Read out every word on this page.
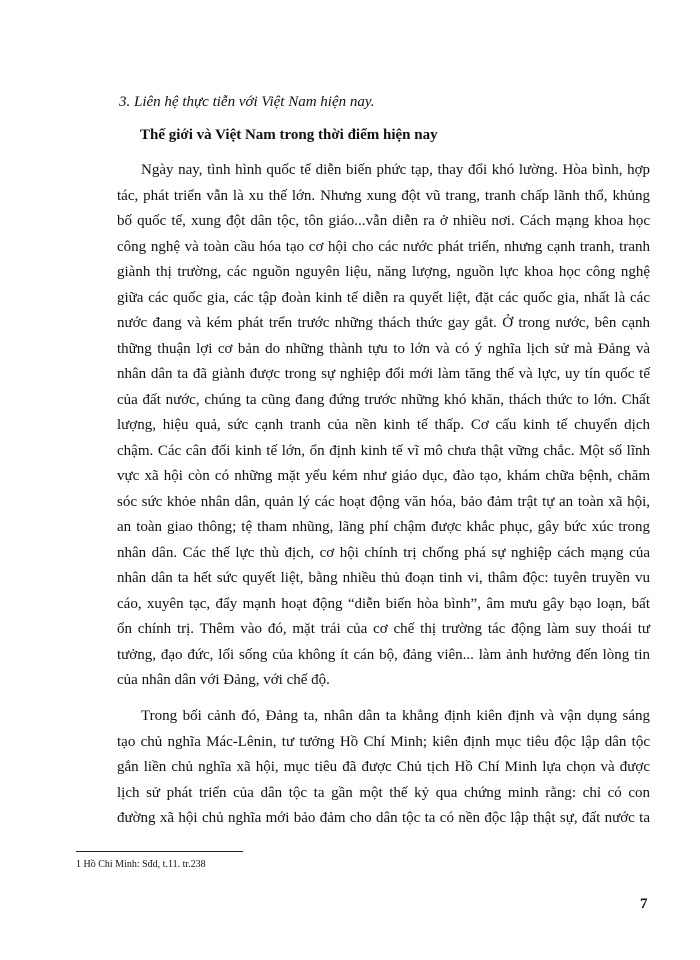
3. Liên hệ thực tiễn với Việt Nam hiện nay.
Thế giới và Việt Nam trong thời điểm hiện nay
Ngày nay, tình hình quốc tế diễn biến phức tạp, thay đổi khó lường. Hòa bình, hợp
tác, phát triển vẫn là xu thế lớn. Nhưng xung đột vũ trang, tranh chấp lãnh thổ, khủng
bố quốc tế, xung đột dân tộc, tôn giáo...vẫn diễn ra ở nhiều nơi. Cách mạng khoa học
công nghệ và toàn cầu hóa tạo cơ hội cho các nước phát triển, nhưng cạnh tranh, tranh
giành thị trường, các nguồn nguyên liệu, năng lượng, nguồn lực khoa học công nghệ
giữa các quốc gia, các tập đoàn kinh tế diễn ra quyết liệt, đặt các quốc gia, nhất là các
nước đang và kém phát trển trước những thách thức gay gắt. Ở trong nước, bên cạnh
thững thuận lợi cơ bản do những thành tựu to lớn và có ý nghĩa lịch sử mà Đảng và
nhân dân ta đã giành được trong sự nghiệp đổi mới làm tăng thế và lực, uy tín quốc tế
của đất nước, chúng ta cũng đang đứng trước những khó khăn, thách thức to lớn. Chất
lượng, hiệu quả, sức cạnh tranh của nền kinh tế thấp. Cơ cấu kinh tế chuyển dịch
chậm. Các cân đối kinh tế lớn, ổn định kinh tế vĩ mô chưa thật vững chắc. Một số lĩnh
vực xã hội còn có những mặt yếu kém như giáo dục, đào tạo, khám chữa bệnh, chăm
sóc sức khỏe nhân dân, quản lý các hoạt động văn hóa, bảo đảm trật tự an toàn xã hội,
an toàn giao thông; tệ tham nhũng, lãng phí chậm được khắc phục, gây bức xúc trong
nhân dân. Các thế lực thù địch, cơ hội chính trị chống phá sự nghiệp cách mạng của
nhân dân ta hết sức quyết liệt, bằng nhiều thủ đoạn tinh vi, thâm độc: tuyên truyền vu
cáo, xuyên tạc, đẩy mạnh hoạt động “diễn biến hòa bình”, âm mưu gây bạo loạn, bất
ổn chính trị. Thêm vào đó, mặt trái của cơ chế thị trường tác động làm suy thoái tư
tưởng, đạo đức, lối sống của không ít cán bộ, đảng viên... làm ảnh hưởng đến lòng tin
của nhân dân với Đảng, với chế độ.
Trong bối cảnh đó, Đảng ta, nhân dân ta khẳng định kiên định và vận dụng sáng
tạo chủ nghĩa Mác-Lênin, tư tưởng Hồ Chí Minh; kiên định mục tiêu độc lập dân tộc
gắn liền chủ nghĩa xã hội, mục tiêu đã được Chủ tịch Hồ Chí Minh lựa chọn và được
lịch sử phát triển của dân tộc ta gần một thế kỷ qua chứng minh rằng: chỉ có con
đường xã hội chủ nghĩa mới bảo đảm cho dân tộc ta có nền độc lập thật sự, đất nước ta
1 Hồ Chí Minh: Sđd, t.11. tr.238
7
